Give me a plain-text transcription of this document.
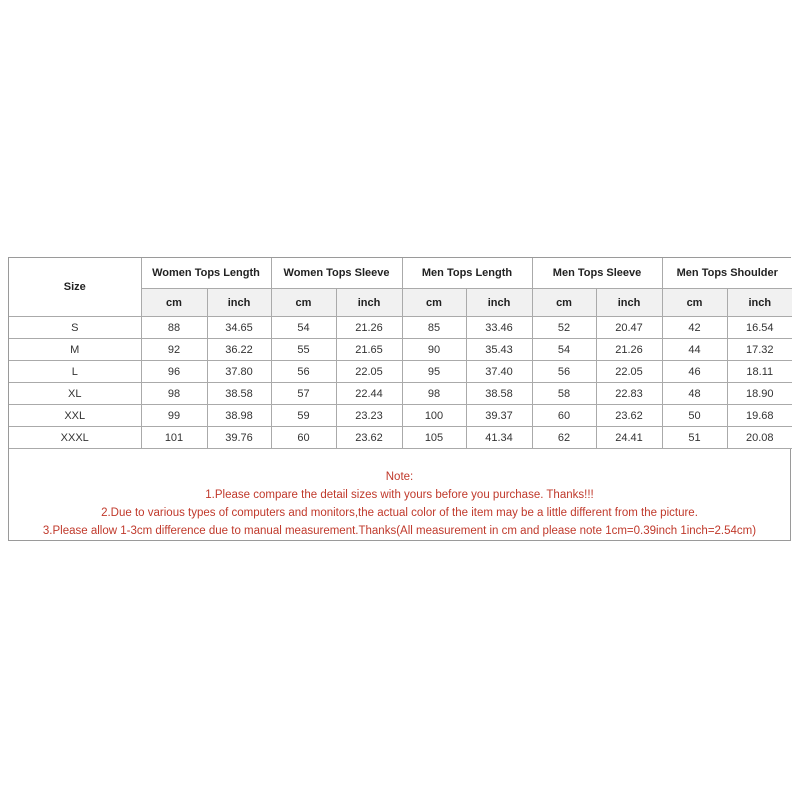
Size	Women Tops Length		Women Tops Sleeve		Men Tops Length		Men Tops Sleeve		Men Tops Shoulder	
	cm	inch	cm	inch	cm	inch	cm	inch	cm	inch
S	88	34.65	54	21.26	85	33.46	52	20.47	42	16.54
M	92	36.22	55	21.65	90	35.43	54	21.26	44	17.32
L	96	37.80	56	22.05	95	37.40	56	22.05	46	18.11
XL	98	38.58	57	22.44	98	38.58	58	22.83	48	18.90
XXL	99	38.98	59	23.23	100	39.37	60	23.62	50	19.68
XXXL	101	39.76	60	23.62	105	41.34	62	24.41	51	20.08
Note:
1.Please compare the detail sizes with yours before you purchase. Thanks!!!
2.Due to various types of computers and monitors,the actual color of the item may be a little different from the picture.
3.Please allow 1-3cm difference due to manual measurement.Thanks(All measurement in cm and please note 1cm=0.39inch 1inch=2.54cm)
